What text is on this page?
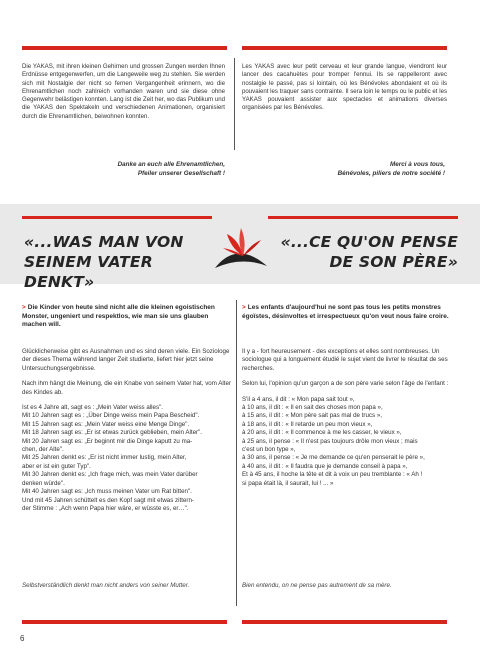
Die YAKAS, mit ihren kleinen Gehirnen und grossen Zungen werden Ihnen Erdnüsse entgegenwerfen, um die Langeweile weg zu stehlen. Sie werden sich mit Nostalgie der nicht so fernen Vergangenheit erinnern, wo die Ehrenamtlichen noch zahlreich vorhanden waren und sie diese ohne Gegenwehr belästigen konnten. Lang ist die Zeit her, wo das Publikum und die YAKAS den Spektakeln und verschiedenen Animationen, organisiert durch die Ehrenamtlichen, beiwohnen konnten.

Les YAKAS avec leur petit cerveau et leur grande langue, viendront leur lancer des cacahuètes pour tromper l'ennui. Ils se rappelleront avec nostalgie le passé, pas si lointain, où les Bénévoles abondaient et où ils pouvaient les traquer sans contrainte. Il sera loin le temps ou le public et les YAKAS pouvaient assister aux spectacles et animations diverses organisées par les Bénévoles.

Danke an euch alle Ehrenamtlichen,
Pfeiler unserer Gesellschaft !
Merci à vous tous,
Bénévoles, piliers de notre société !
«...WAS MAN VON
SEINEM VATER DENKT»
«...CE QU'ON PENSE
DE SON PÈRE»
> Die Kinder von heute sind nicht alle die kleinen egoistischen Monster, ungeniert und respektlos, wie man sie uns glauben machen will.
> Les enfants d'aujourd'hui ne sont pas tous les petits monstres égoïstes, désinvoltes et irrespectueux qu'on veut nous faire croire.

Glücklicherweise gibt es Ausnahmen und es sind deren viele. Ein Soziologe der dieses Thema während langer Zeit studierte, liefert hier jetzt seine Untersuchungsergebnisse.

Nach ihm hängt die Meinung, die ein Knabe von seinem Vater hat, vom Alter des Kindes ab.

Ist es 4 Jahre alt, sagt es : „Mein Vater weiss alles".
Mit 10 Jahren sagt es : „Über Dinge weiss mein Papa Bescheid".
Mit 15 Jahren sagt es: „Mein Vater weiss eine Menge Dinge".
Mit 18 Jahren sagt es: „Er ist etwas zurück geblieben, mein Alter".
Mit 20 Jahren sagt es: „Er beginnt mir die Dinge kaputt zu ma-
chen, der Alte".
Mit 25 Jahren denkt es: „Er ist nicht immer lustig, mein Alter,
aber er ist ein guter Typ".
Mit 30 Jahren denkt es: „Ich frage mich, was mein Vater darüber
denken würde".
Mit 40 Jahren sagt es: „Ich muss meinen Vater um Rat bitten".
Und mit 45 Jahren schüttelt es den Kopf sagt mit etwas zittern-
der Stimme : „Ach wenn Papa hier wäre, er wüsste es, er…".

Il y a - fort heureusement - des exceptions et elles sont nombreuses. Un sociologue qui a longuement étudié le sujet vient de livrer le résultat de ses recherches.

Selon lui, l'opinion qu'un garçon a de son père varie selon l'âge de l'enfant :

S'il a 4 ans, il dit : « Mon papa sait tout »,
à 10 ans, il dit : « Il en sait des choses mon papa »,
à 15 ans, il dit : « Mon père sait pas mal de trucs »,
à 18 ans, il dit : « Il retarde un peu mon vieux »,
à 20 ans, il dit : « Il commence à me les casser, le vieux »,
à 25 ans, il pense : « Il n'est pas toujours drôle mon vieux ; mais
c'est un bon type »,
à 30 ans, il pense : « Je me demande ce qu'en penserait le père »,
à 40 ans, il dit : « Il faudra que je demande conseil à papa »,
Et à 45 ans, il hoche la tête et dit à voix un peu tremblante : « Ah !
si papa était là, il saurait, lui ! ... »
Selbstverständlich denkt man nicht anders von seiner Mutter.	Bien entendu, on ne pense pas autrement de sa mère.
6
